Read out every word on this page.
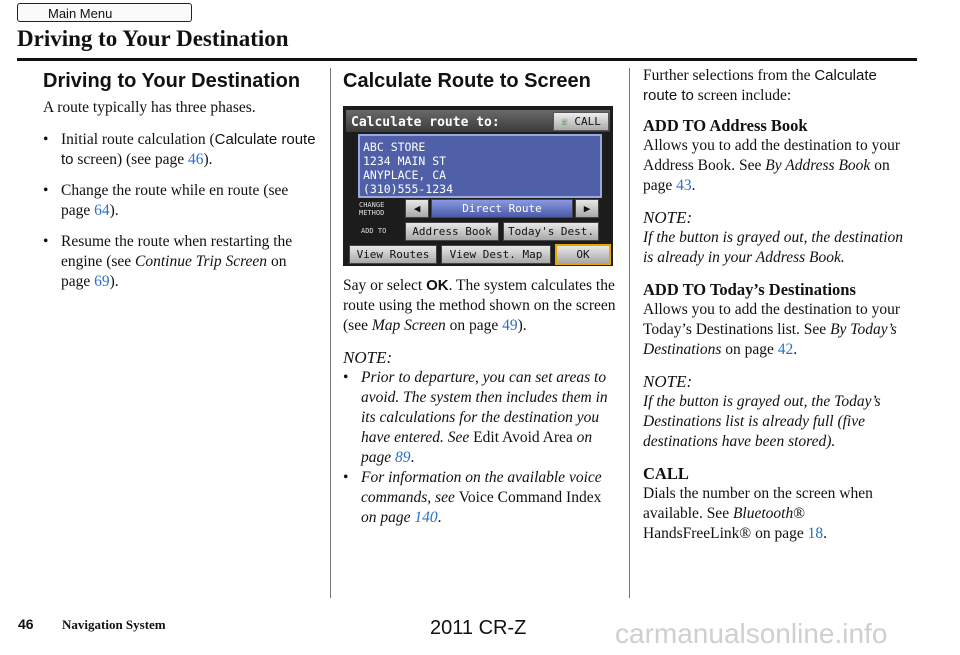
Main Menu
Driving to Your Destination
Driving to Your Destination

A route typically has three phases.

• Initial route calculation (Calculate route to screen) (see page 46).
• Change the route while en route (see page 64).
• Resume the route when restarting the engine (see Continue Trip Screen on page 69).
Calculate Route to Screen
Calculate route to:	☏ CALL
ABC STORE
1234 MAIN ST
ANYPLACE, CA
(310)555-1234
CHANGE METHOD	◀	Direct Route	▶
ADD TO	Address Book	Today's Dest.
View Routes	View Dest. Map	OK

Say or select OK. The system calculates the route using the method shown on the screen (see Map Screen on page 49).

NOTE:
• Prior to departure, you can set areas to avoid. The system then includes them in its calculations for the destination you have entered. See Edit Avoid Area on page 89.
• For information on the available voice commands, see Voice Command Index on page 140.

Further selections from the Calculate route to screen include:

ADD TO Address Book

Allows you to add the destination to your Address Book. See By Address Book on page 43.

NOTE:

If the button is grayed out, the destination is already in your Address Book.

ADD TO Today’s Destinations

Allows you to add the destination to your Today’s Destinations list. See By Today’s Destinations on page 42.

NOTE:

If the button is grayed out, the Today’s Destinations list is already full (five destinations have been stored).

CALL

Dials the number on the screen when available. See Bluetooth® HandsFreeLink® on page 18.

46 Navigation System	2011 CR-Z	carmanualsonline.info
